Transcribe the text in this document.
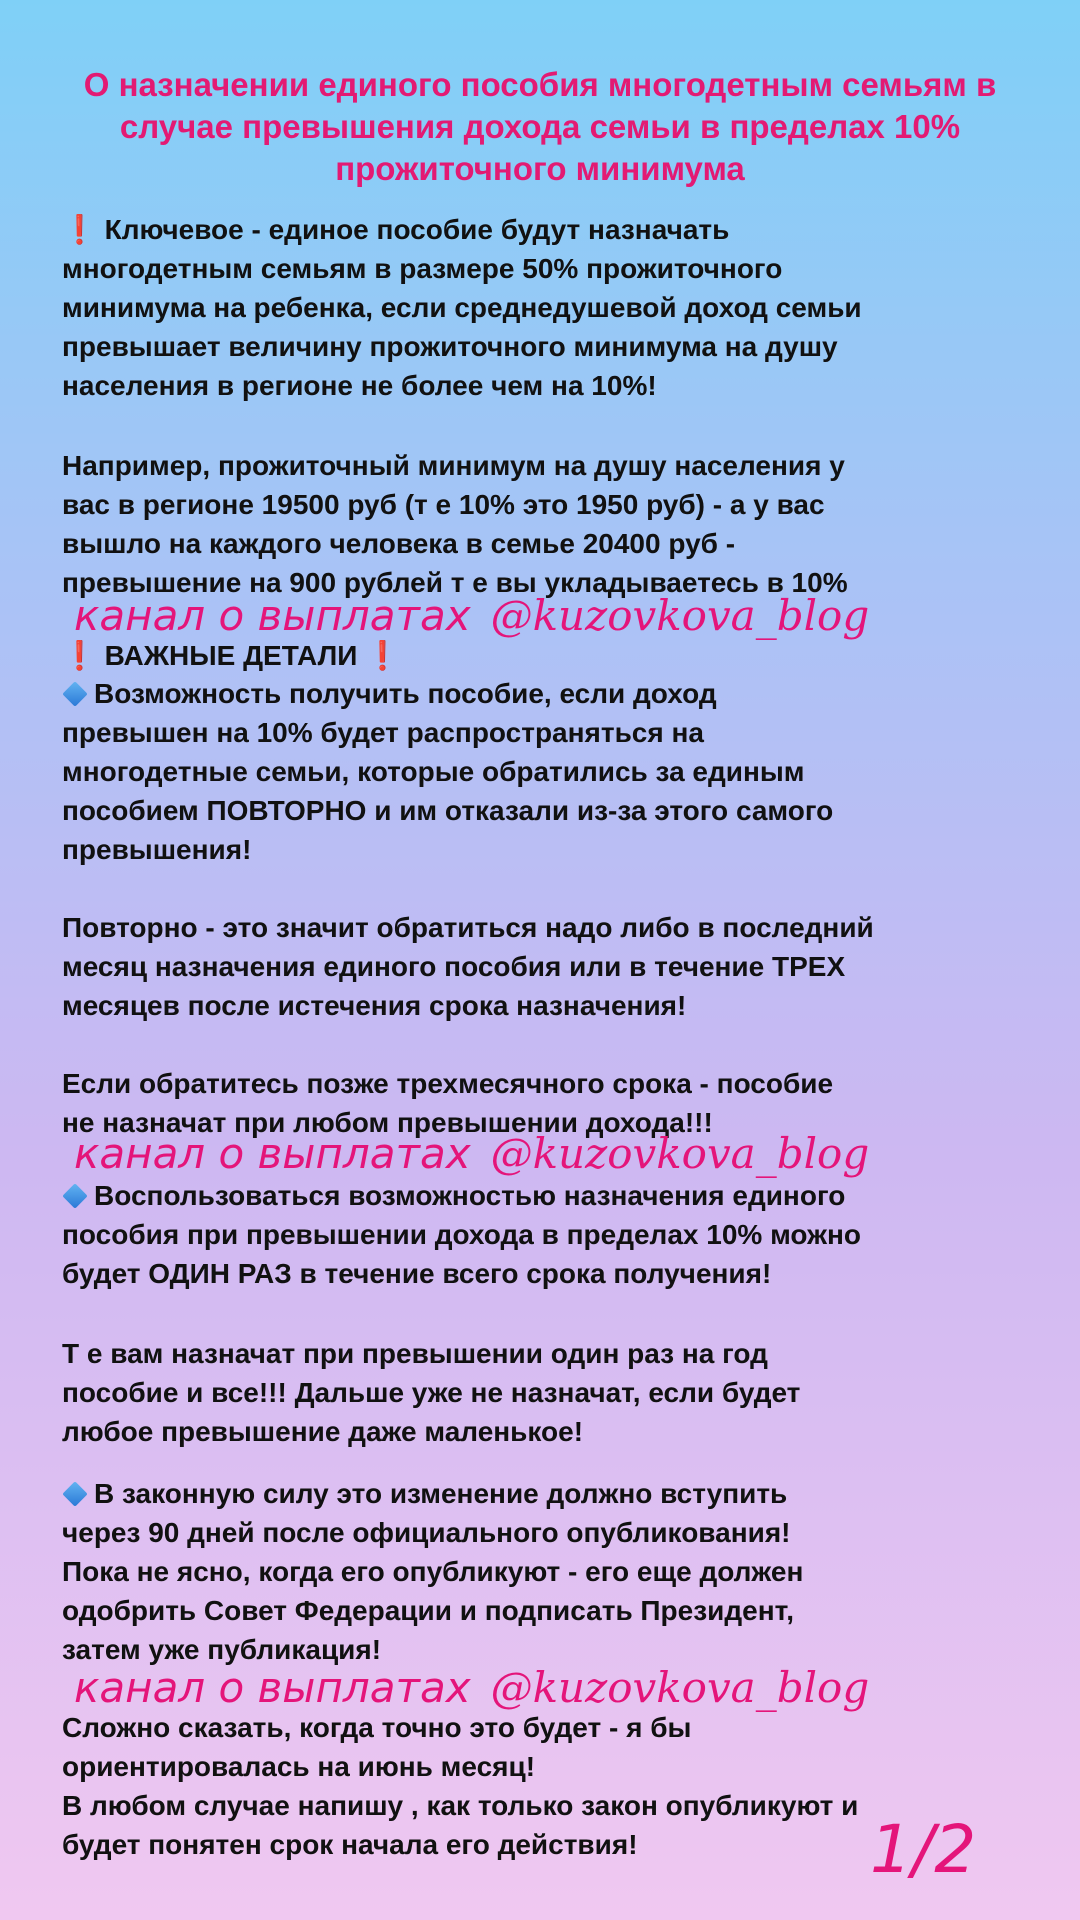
О назначении единого пособия многодетным семьям в случае превышения дохода семьи в пределах 10% прожиточного минимума
❗ Ключевое - единое пособие будут назначать
многодетным семьям в размере 50% прожиточного
минимума на ребенка, если среднедушевой доход семьи
превышает величину прожиточного минимума на душу
населения в регионе не более чем на 10%!
Например, прожиточный минимум на душу населения у
вас в регионе 19500 руб (т е 10% это 1950 руб) - а у вас
вышло на каждого человека в семье 20400 руб -
превышение на 900 рублей т е вы укладываетесь в 10%
канал о выплатах @kuzovkova_blog
❗ ВАЖНЫЕ ДЕТАЛИ ❗
Возможность получить пособие, если доход
превышен на 10% будет распространяться на
многодетные семьи, которые обратились за единым
пособием ПОВТОРНО и им отказали из-за этого самого
превышения!
Повторно - это значит обратиться надо либо в последний
месяц назначения единого пособия или в течение ТРЕХ
месяцев после истечения срока назначения!
Если обратитесь позже трехмесячного срока - пособие
не назначат при любом превышении дохода!!!
канал о выплатах @kuzovkova_blog
Воспользоваться возможностью назначения единого
пособия при превышении дохода в пределах 10% можно
будет ОДИН РАЗ в течение всего срока получения!
Т е вам назначат при превышении один раз на год
пособие и все!!! Дальше уже не назначат, если будет
любое превышение даже маленькое!
В законную силу это изменение должно вступить
через 90 дней после официального опубликования!
Пока не ясно, когда его опубликуют - его еще должен
одобрить Совет Федерации и подписать Президент,
затем уже публикация!
канал о выплатах @kuzovkova_blog
Сложно сказать, когда точно это будет - я бы
ориентировалась на июнь месяц!
В любом случае напишу , как только закон опубликуют и
будет понятен срок начала его действия!	1/2
